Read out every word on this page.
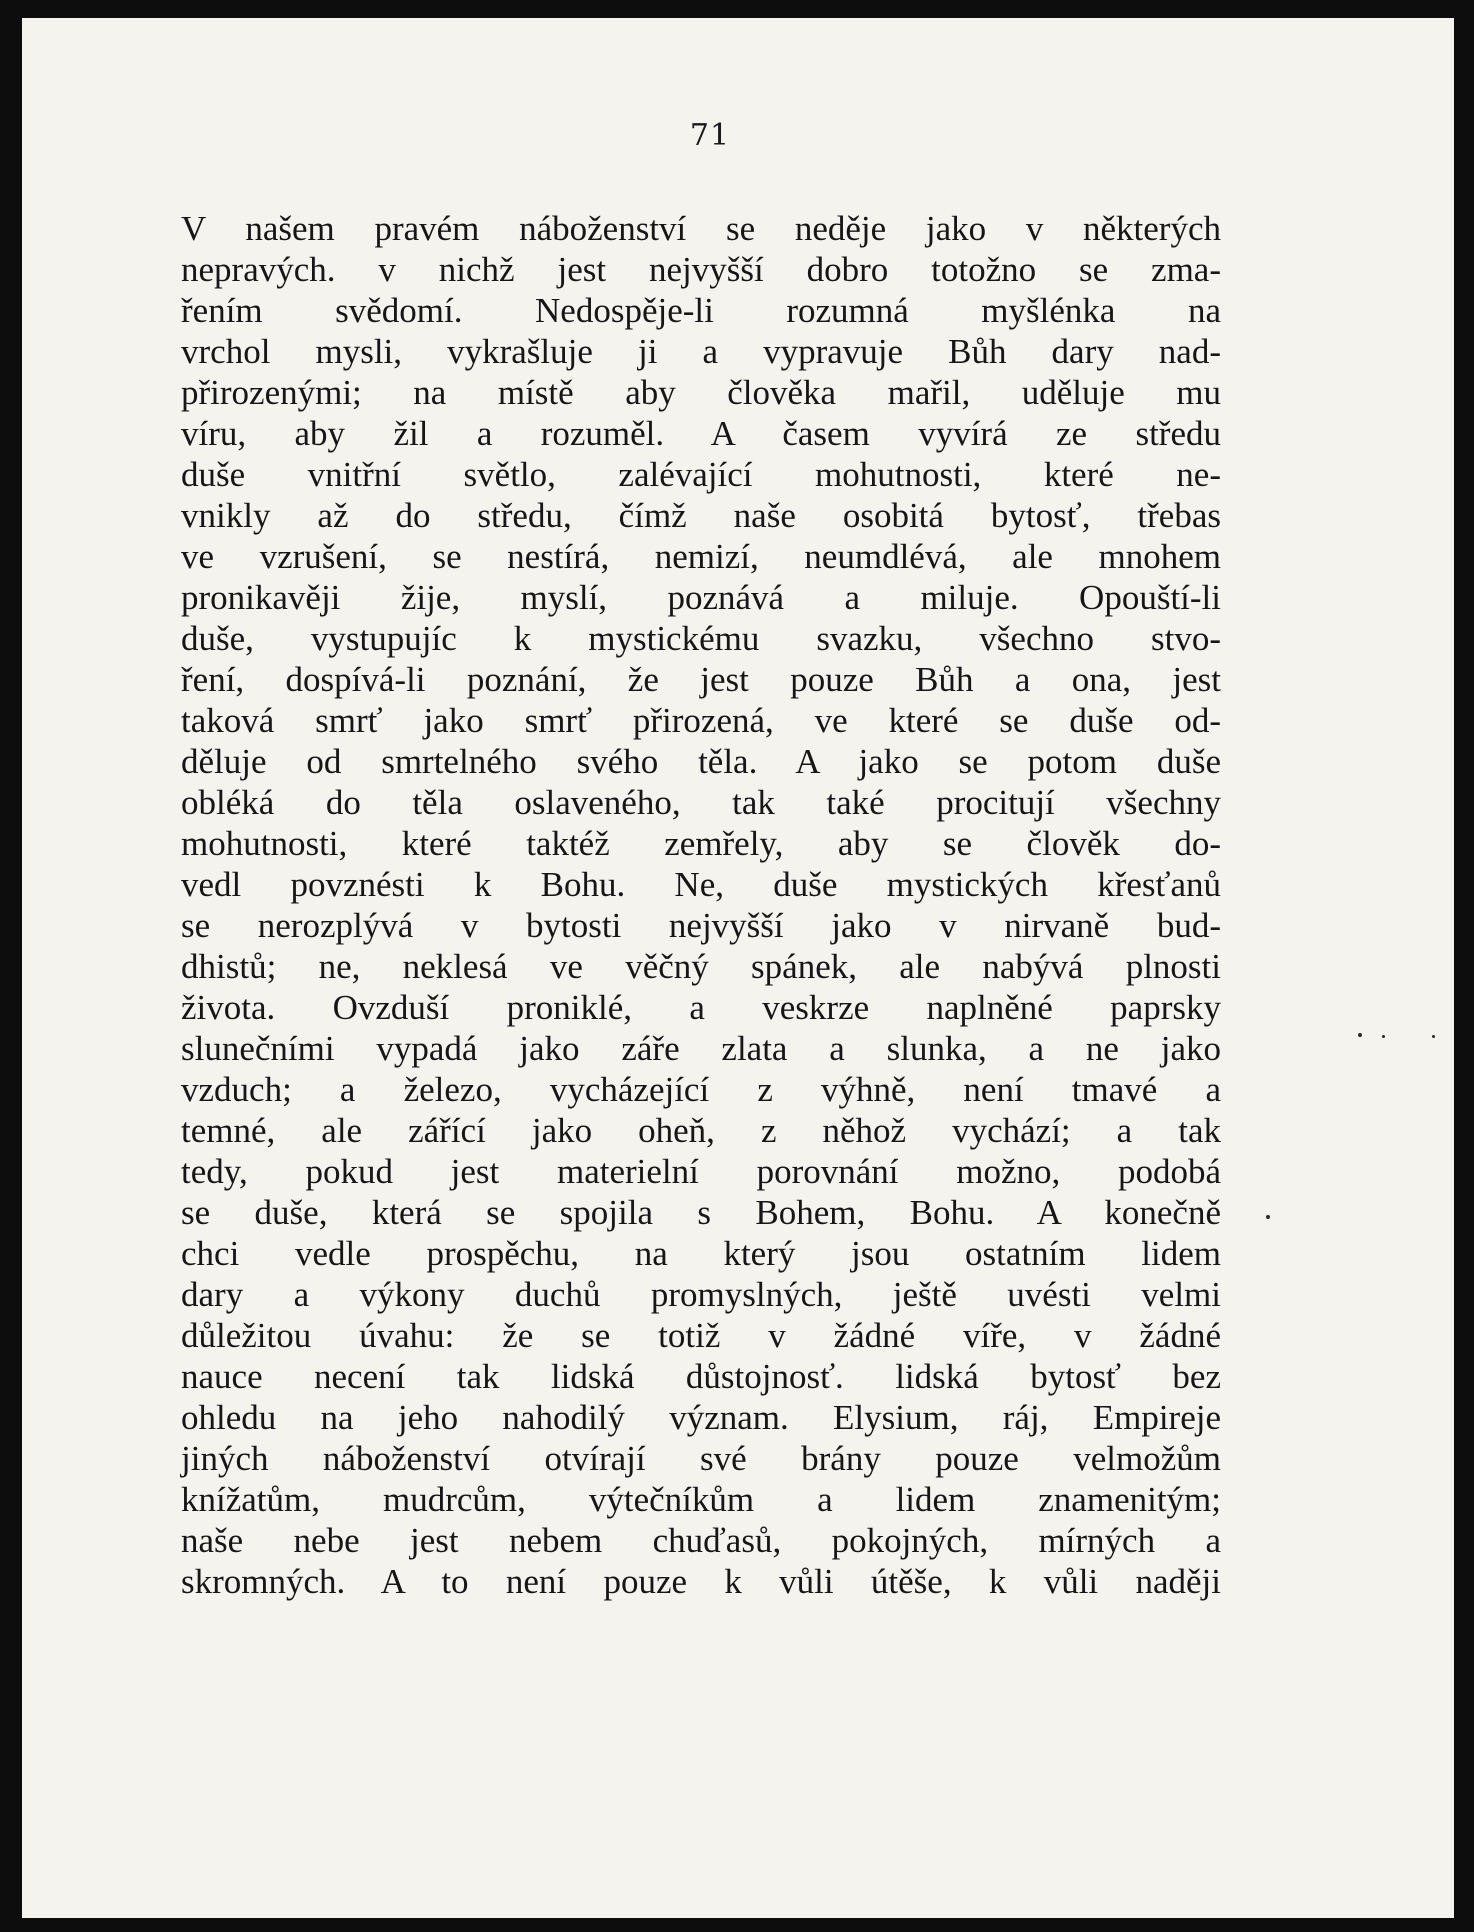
71
V našem pravém náboženství se neděje jako v některých
nepravých. v nichž jest nejvyšší dobro totožno se zma-
řením svědomí. Nedospěje-li rozumná myšlénka na
vrchol mysli, vykrašluje ji a vypravuje Bůh dary nad-
přirozenými; na místě aby člověka mařil, uděluje mu
víru, aby žil a rozuměl. A časem vyvírá ze středu
duše vnitřní světlo, zalévající mohutnosti, které ne-
vnikly až do středu, čímž naše osobitá bytosť, třebas
ve vzrušení, se nestírá, nemizí, neumdlévá, ale mnohem
pronikavěji žije, myslí, poznává a miluje. Opouští-li
duše, vystupujíc k mystickému svazku, všechno stvo-
ření, dospívá-li poznání, že jest pouze Bůh a ona, jest
taková smrť jako smrť přirozená, ve které se duše od-
děluje od smrtelného svého těla. A jako se potom duše
obléká do těla oslaveného, tak také procitují všechny
mohutnosti, které taktéž zemřely, aby se člověk do-
vedl povznésti k Bohu. Ne, duše mystických křesťanů
se nerozplývá v bytosti nejvyšší jako v nirvaně bud-
dhistů; ne, neklesá ve věčný spánek, ale nabývá plnosti
života. Ovzduší proniklé, a veskrze naplněné paprsky
slunečními vypadá jako záře zlata a slunka, a ne jako
vzduch; a železo, vycházející z výhně, není tmavé a
temné, ale zářící jako oheň, z něhož vychází; a tak
tedy, pokud jest materielní porovnání možno, podobá
se duše, která se spojila s Bohem, Bohu. A konečně
chci vedle prospěchu, na který jsou ostatním lidem
dary a výkony duchů promyslných, ještě uvésti velmi
důležitou úvahu: že se totiž v žádné víře, v žádné
nauce necení tak lidská důstojnosť. lidská bytosť bez
ohledu na jeho nahodilý význam. Elysium, ráj, Empireje
jiných náboženství otvírají své brány pouze velmožům
knížatům, mudrcům, výtečníkům a lidem znamenitým;
naše nebe jest nebem chuďasů, pokojných, mírných a
skromných. A to není pouze k vůli útěše, k vůli naději
